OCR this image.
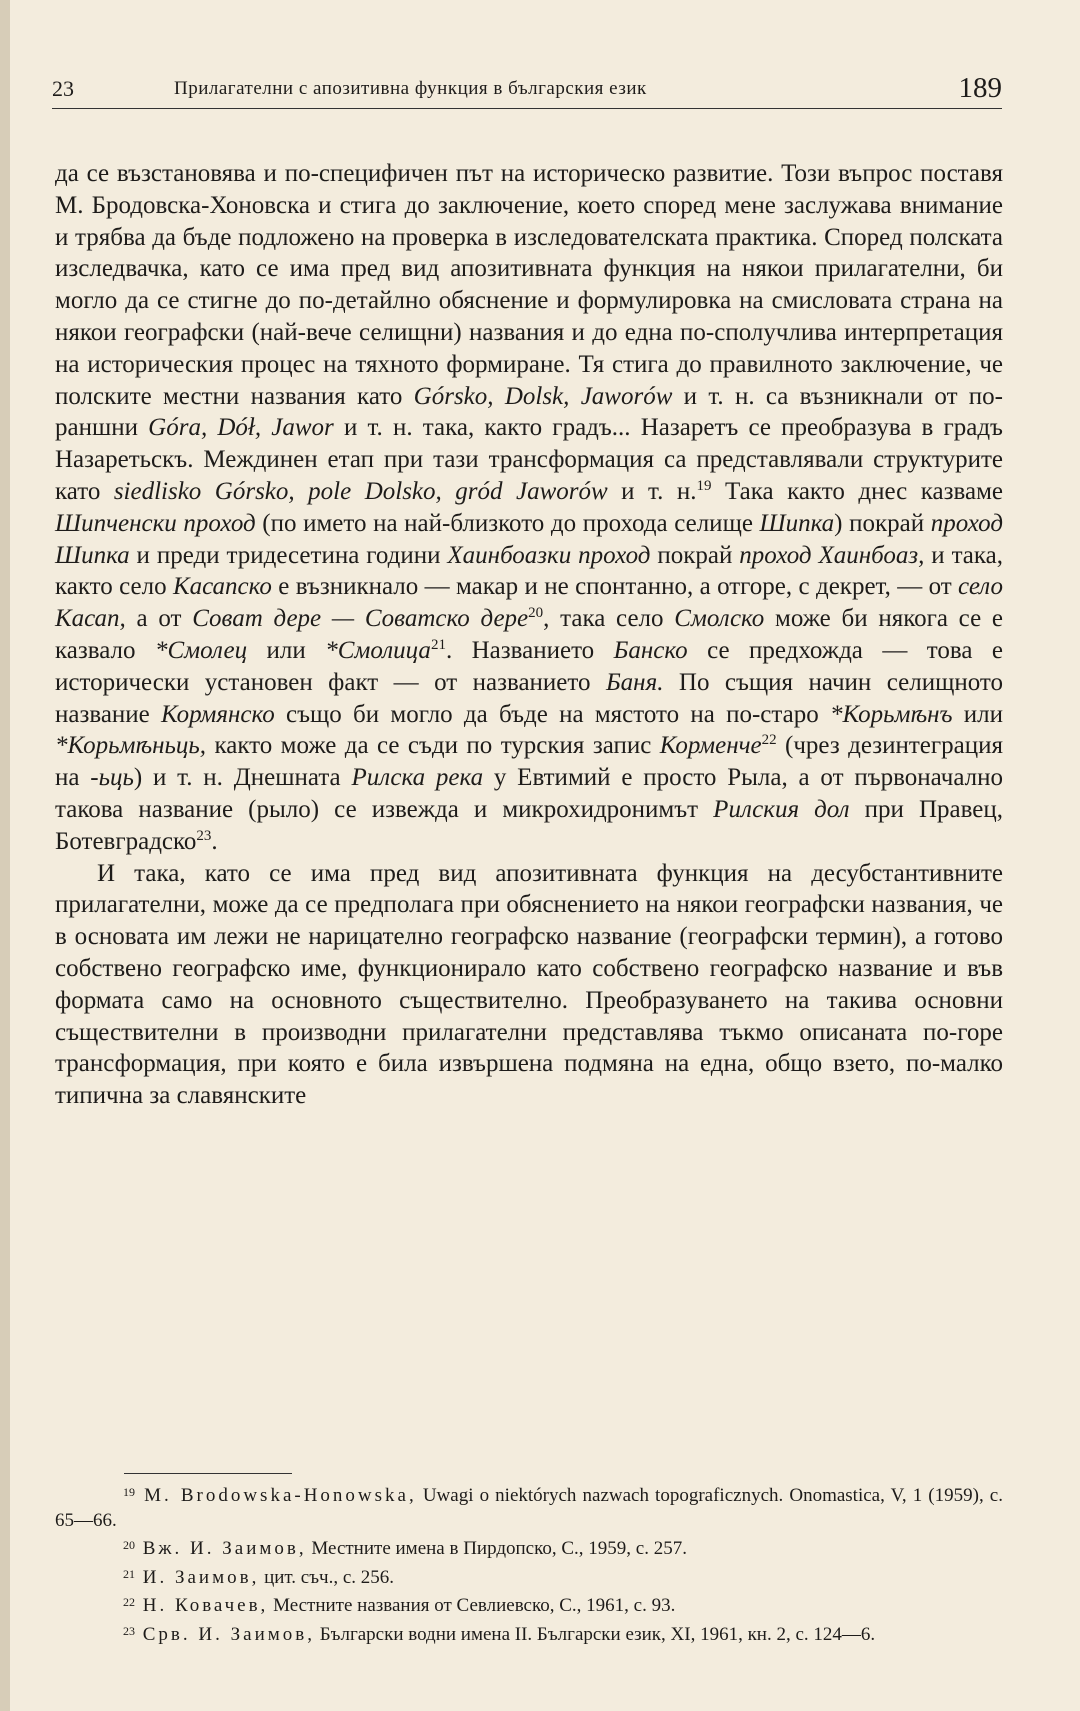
23	Прилагателни с апозитивна функция в българския език	189

да се възстановява и по-специфичен път на историческо развитие. Този въпрос поставя М. Бродовска-Хоновска и стига до заключение, което според мене заслужава внимание и трябва да бъде подложено на проверка в изследователската практика. Според полската изследвачка, като се има пред вид апозитивната функция на някои прилагателни, би могло да се стигне до по-детайлно обяснение и формулировка на смисловата страна на някои географски (най-вече селищни) названия и до една по-сполучлива интерпретация на историческия процес на тяхното формиране. Тя стига до правилното заключение, че полските местни названия като Górsko, Dolsk, Jaworów и т. н. са възникнали от по-раншни Góra, Dół, Jawor и т. н. така, както градъ... Назаретъ се преобразува в градъ Назаретьскъ. Междинен етап при тази трансформация са представлявали структурите като siedlisko Górsko, pole Dolsko, gród Jaworów и т. н.$^{19}$ Така както днес казваме Шипченски проход (по името на най-близкото до прохода селище Шипка) покрай проход Шипка и преди тридесетина години Хаинбоазки проход покрай проход Хаинбоаз, и така, както село Касапско е възникнало — макар и не спонтанно, а отгоре, с декрет, — от село Касап, а от Соват дере — Соватско дере$^{20}$, така село Смолско може би някога се е казвало *Смолец или *Смолица$^{21}$. Названието Банско се предхожда — това е исторически установен факт — от названието Баня. По същия начин селищното название Кормянско също би могло да бъде на мястото на по-старо *Корьмѣнъ или *Корьмѣньць, както може да се съди по турския запис Корменче$^{22}$ (чрез дезинтеграция на -ьць) и т. н. Днешната Рилска река у Евтимий е просто Рыла, а от първоначално такова название (рыло) се извежда и микрохидронимът Рилския дол при Правец, Ботевградско$^{23}$.

И така, като се има пред вид апозитивната функция на десубстантивните прилагателни, може да се предполага при обяснението на някои географски названия, че в основата им лежи не нарицателно географско название (географски термин), а готово собствено географско име, функционирало като собствено географско название и във формата само на основното съществително. Преобразуването на такива основни съществителни в производни прилагателни представлява тъкмо описаната по-горе трансформация, при която е била извършена подмяна на една, общо взето, по-малко типична за славянските

$^{19}$ M. Brodowska-Honowska, Uwagi o niektórych nazwach topograficznych. Onomastica, V, 1 (1959), с. 65—66.

$^{20}$ Вж. И. Заимов, Местните имена в Пирдопско, С., 1959, с. 257.

$^{21}$ И. Заимов, цит. съч., с. 256.

$^{22}$ Н. Ковачев, Местните названия от Севлиевско, С., 1961, с. 93.

$^{23}$ Срв. И. Заимов, Български водни имена II. Български език, XI, 1961, кн. 2, с. 124—6.
